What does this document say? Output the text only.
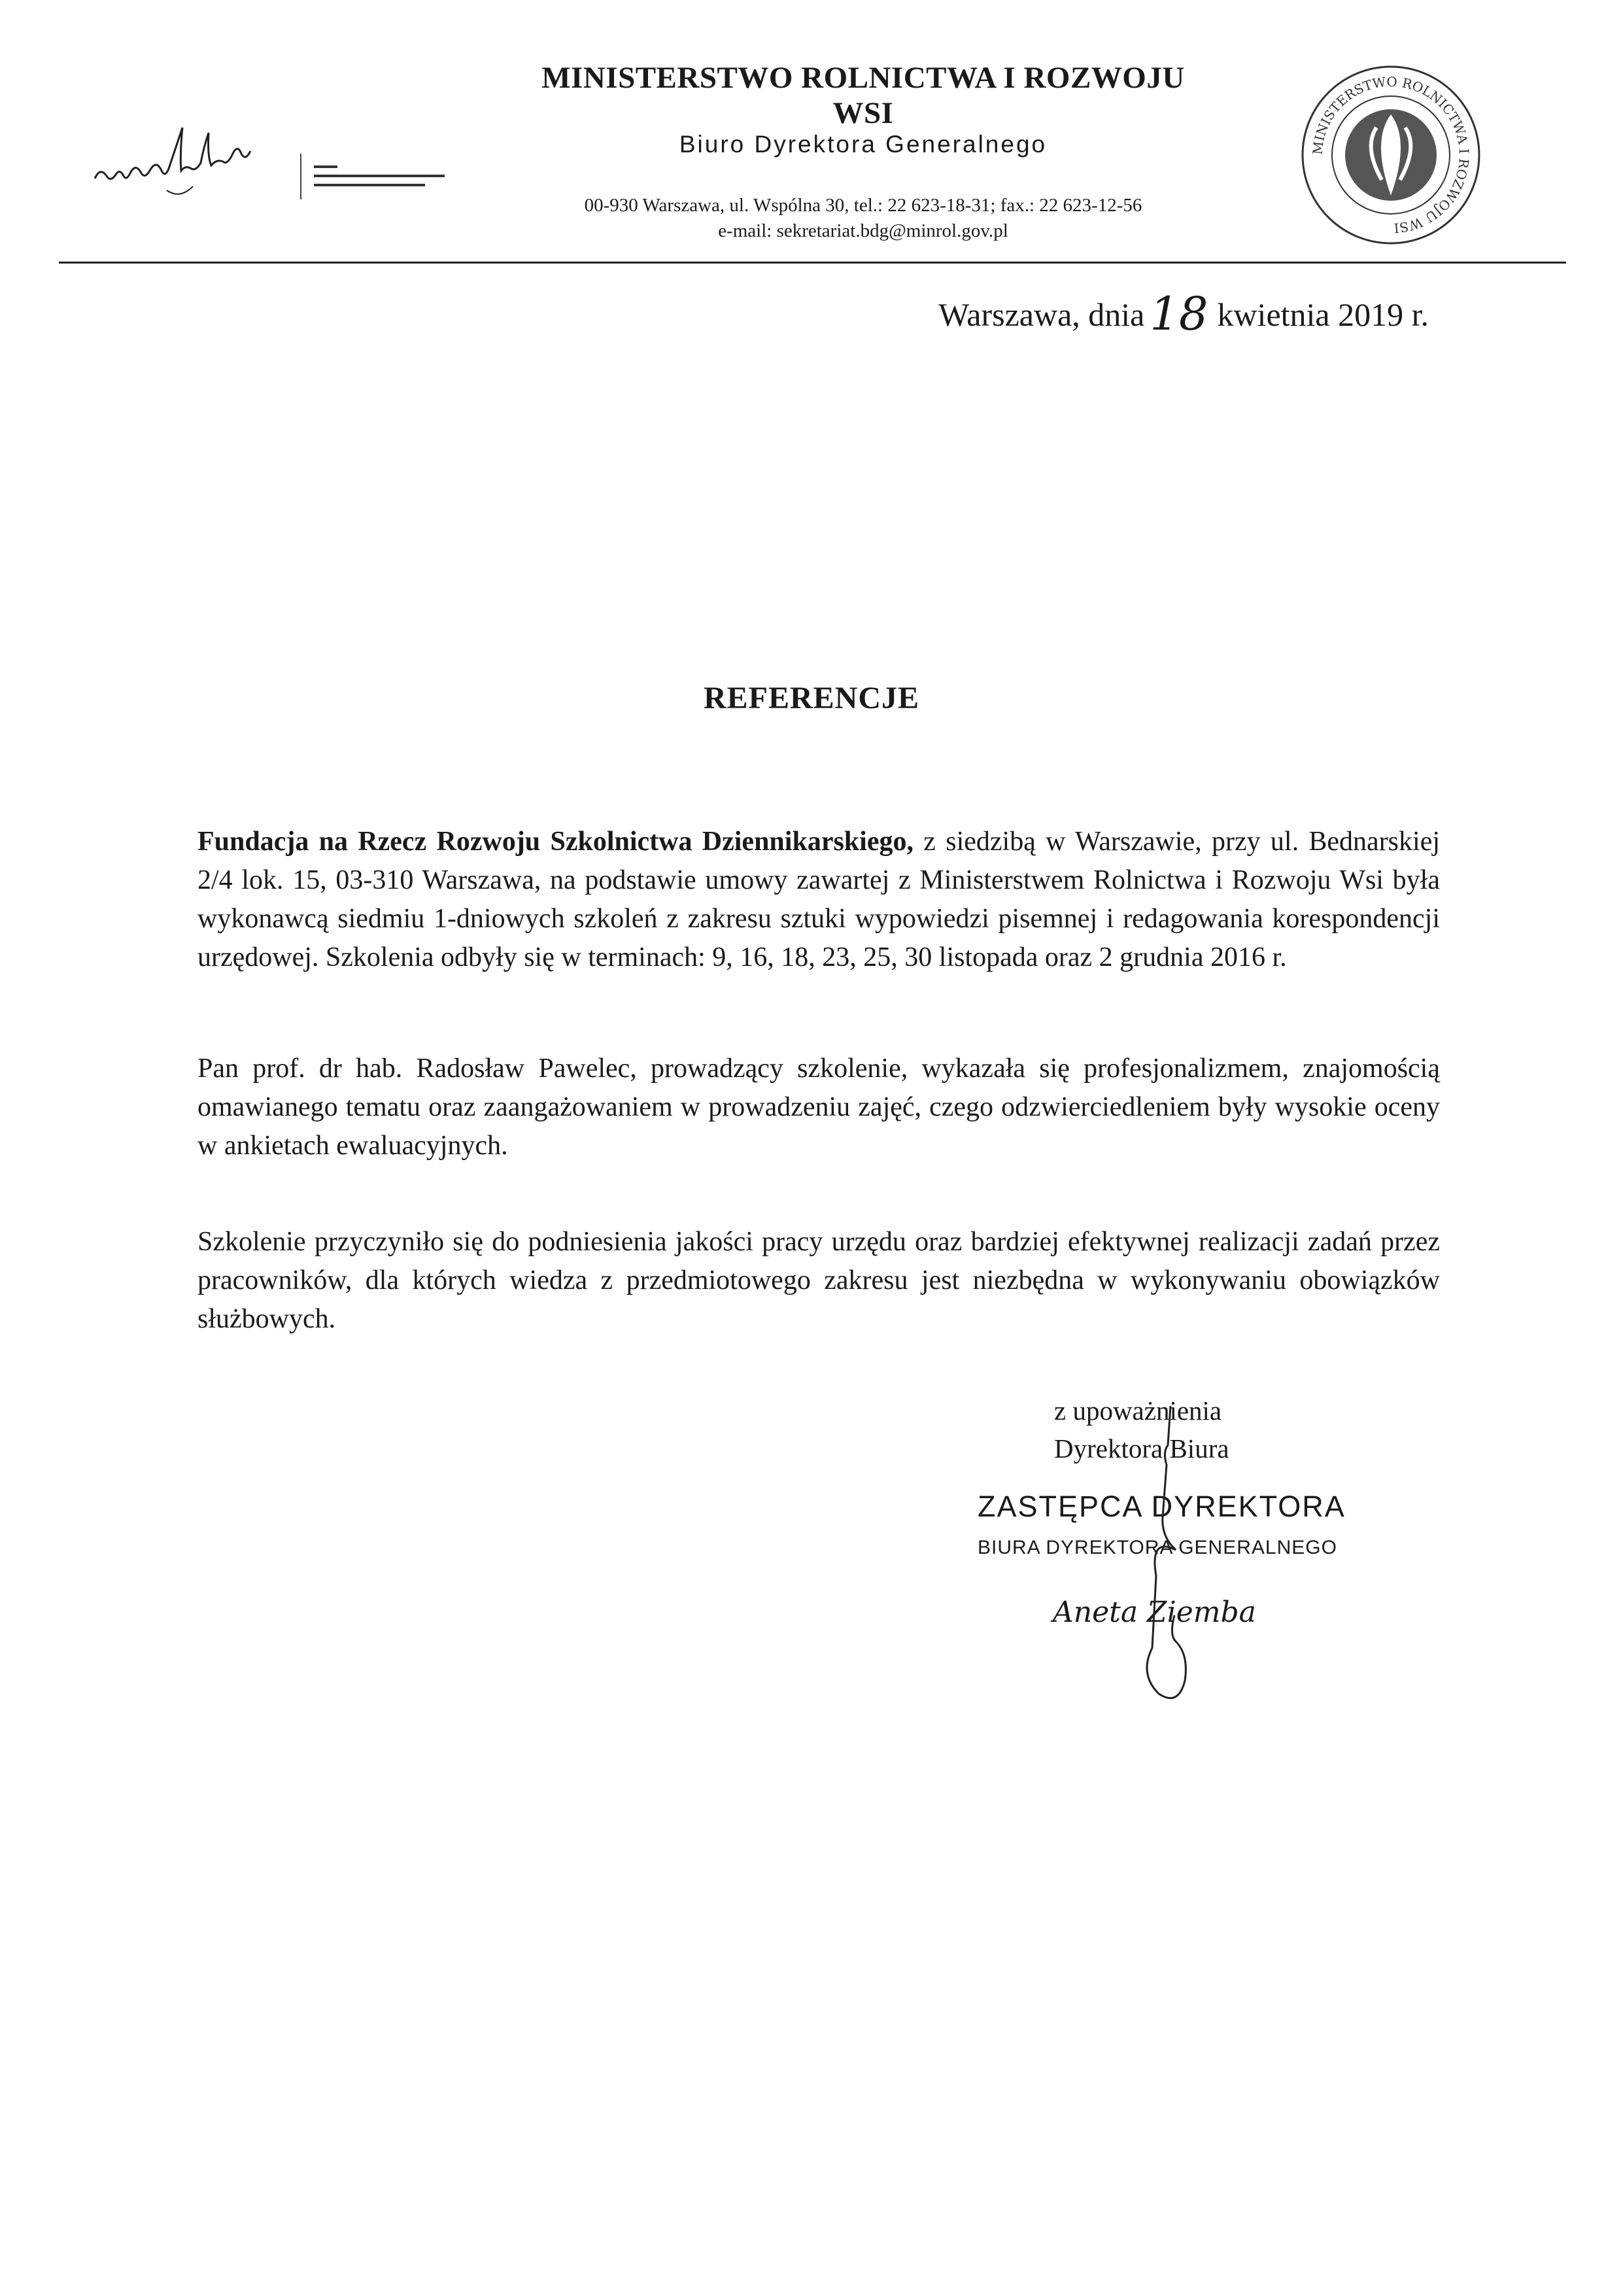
MINISTERSTWO ROLNICTWA I ROZWOJU WSI
Biuro Dyrektora Generalnego
00-930 Warszawa, ul. Wspólna 30, tel.: 22 623-18-31; fax.: 22 623-12-56
e-mail: sekretariat.bdg@minrol.gov.pl
MINISTERSTWO ROLNICTWA I ROZWOJU WSI
Warszawa, dnia 18 kwietnia 2019 r.
REFERENCJE
Fundacja na Rzecz Rozwoju Szkolnictwa Dziennikarskiego, z siedzibą w Warszawie, przy ul. Bednarskiej 2/4 lok. 15, 03-310 Warszawa, na podstawie umowy zawartej z Ministerstwem Rolnictwa i Rozwoju Wsi była wykonawcą siedmiu 1-dniowych szkoleń z zakresu sztuki wypowiedzi pisemnej i redagowania korespondencji urzędowej. Szkolenia odbyły się w terminach: 9, 16, 18, 23, 25, 30 listopada oraz 2 grudnia 2016 r.
Pan prof. dr hab. Radosław Pawelec, prowadzący szkolenie, wykazała się profesjonalizmem, znajomością omawianego tematu oraz zaangażowaniem w prowadzeniu zajęć, czego odzwierciedleniem były wysokie oceny w ankietach ewaluacyjnych.
Szkolenie przyczyniło się do podniesienia jakości pracy urzędu oraz bardziej efektywnej realizacji zadań przez pracowników, dla których wiedza z przedmiotowego zakresu jest niezbędna w wykonywaniu obowiązków służbowych.
z upoważnienia
Dyrektora Biura
ZASTĘPCA DYREKTORA
BIURA DYREKTORA GENERALNEGO
Aneta Ziemba
